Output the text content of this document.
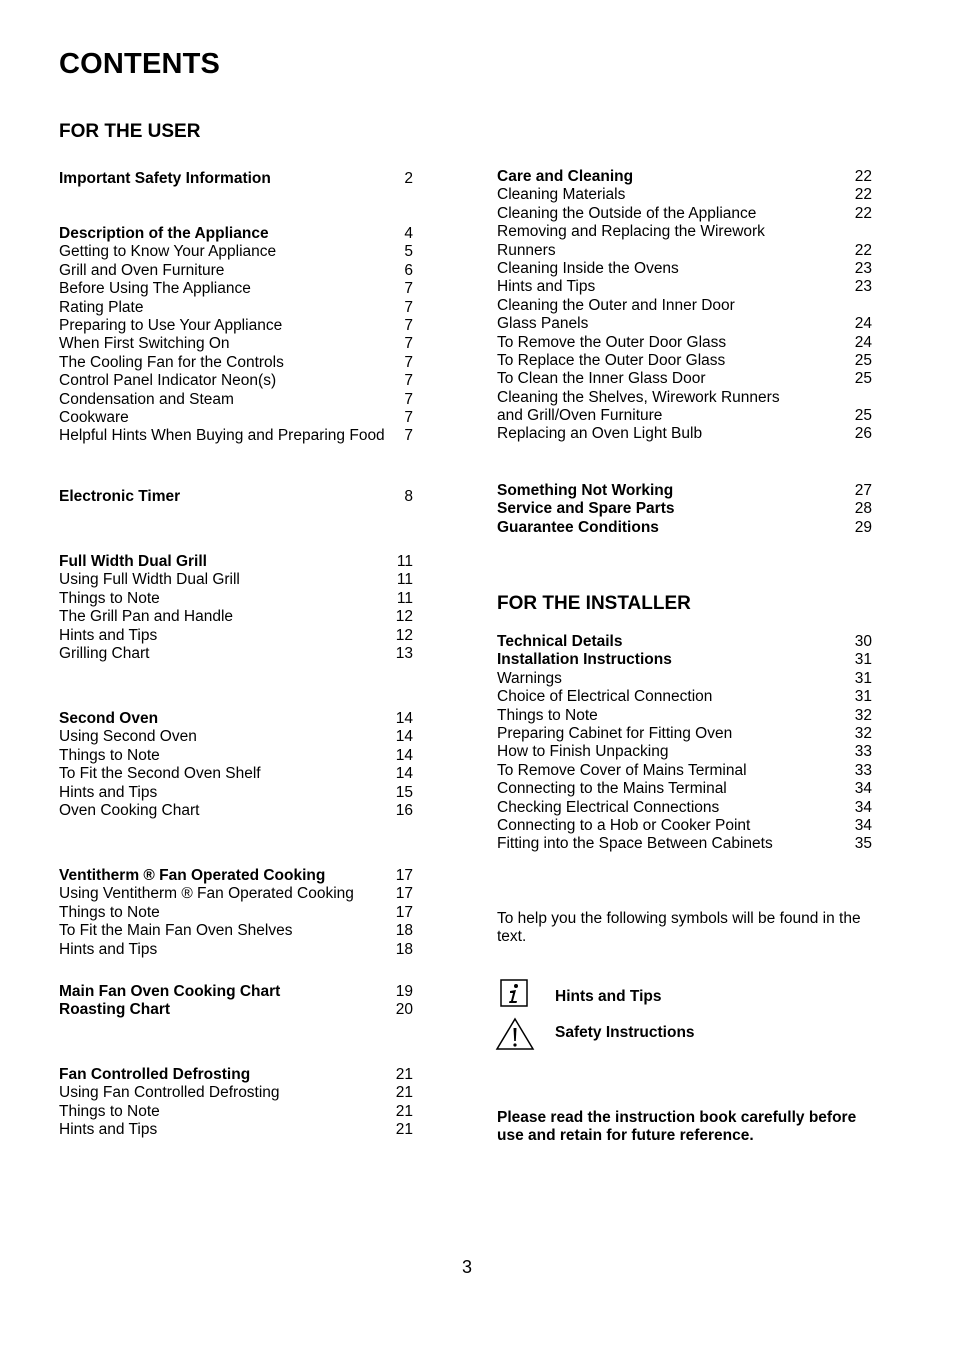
CONTENTS
FOR THE USER
FOR THE INSTALLER
Important Safety Information	2
Description of the Appliance	4
Getting to Know Your Appliance	5
Grill and Oven Furniture	6
Before Using The Appliance	7
Rating Plate	7
Preparing to Use Your Appliance	7
When First Switching On	7
The Cooling Fan for the Controls	7
Control Panel Indicator Neon(s)	7
Condensation and Steam	7
Cookware	7
Helpful Hints When Buying and Preparing Food 7
Electronic Timer	8
Full Width Dual Grill	11
Using Full Width Dual Grill	11
Things to Note	11
The Grill Pan and Handle	12
Hints and Tips	12
Grilling Chart	13
Second Oven	14
Using Second Oven	14
Things to Note	14
To Fit the Second Oven Shelf	14
Hints and Tips	15
Oven Cooking Chart	16
Ventitherm ® Fan Operated Cooking	17
Using Ventitherm ® Fan Operated Cooking	17
Things to Note	17
To Fit the Main Fan Oven Shelves	18
Hints and Tips	18
Main Fan Oven Cooking Chart	19
Roasting Chart	20
Fan Controlled Defrosting	21
Using Fan Controlled Defrosting	21
Things to Note	21
Hints and Tips	21
Care and Cleaning	22
Cleaning Materials	22
Cleaning the Outside of the Appliance	22
Removing and Replacing the Wirework
Runners	22
Cleaning Inside the Ovens	23
Hints and Tips	23
Cleaning the Outer and Inner Door
Glass Panels	24
To Remove the Outer Door Glass	24
To Replace the Outer Door Glass	25
To Clean the Inner Glass Door	25
Cleaning the Shelves, Wirework Runners
and Grill/Oven Furniture	25
Replacing an Oven Light Bulb	26
Something Not Working	27
Service and Spare Parts	28
Guarantee Conditions	29
Technical Details	30
Installation Instructions	31
Warnings	31
Choice of Electrical Connection	31
Things to Note	32
Preparing Cabinet for Fitting Oven	32
How to Finish Unpacking	33
To Remove Cover of Mains Terminal	33
Connecting to the Mains Terminal	34
Checking Electrical Connections	34
Connecting to a Hob or Cooker Point	34
Fitting into the Space Between Cabinets	35
To help you the following symbols will be found in the text.
Hints and Tips
Safety Instructions
Please read the instruction book carefully before use and retain for future reference.
3
